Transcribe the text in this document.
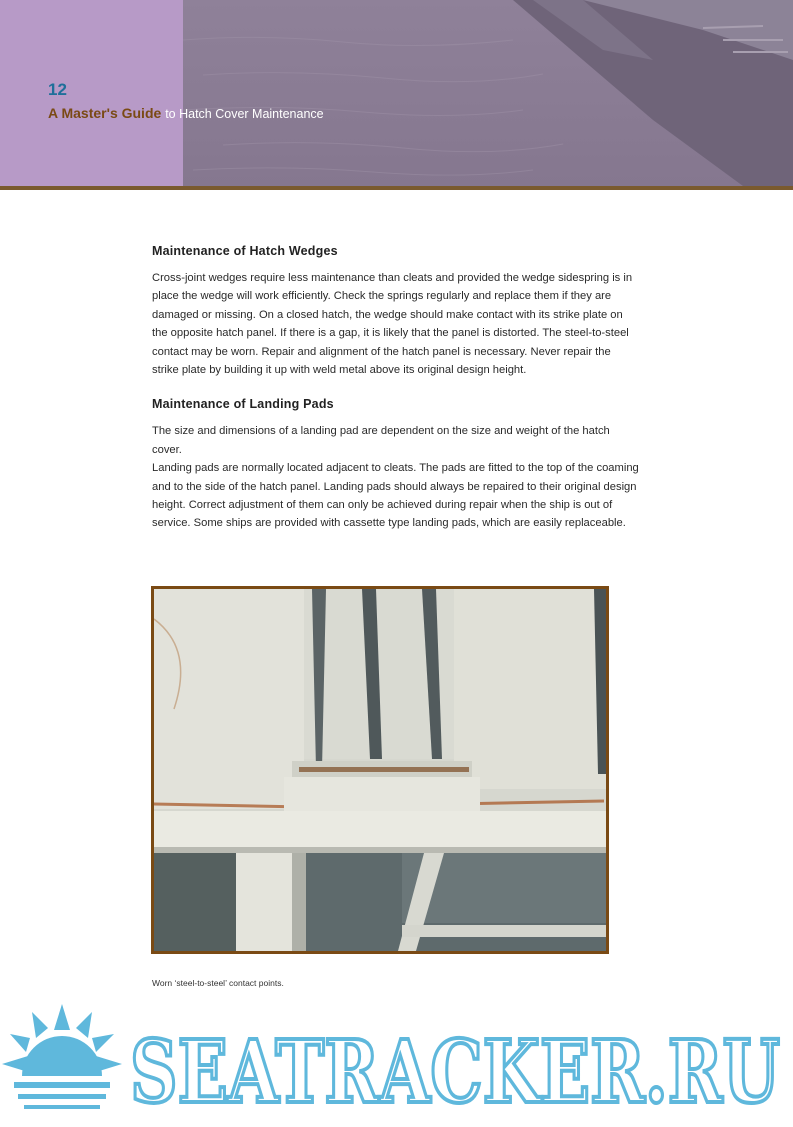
12

A Master's Guide to Hatch Cover Maintenance

Maintenance of Hatch Wedges

Cross-joint wedges require less maintenance than cleats and provided the wedge sidespring is in
place the wedge will work efficiently. Check the springs regularly and replace them if they are
damaged or missing. On a closed hatch, the wedge should make contact with its strike plate on
the opposite hatch panel. If there is a gap, it is likely that the panel is distorted. The steel-to-steel
contact may be worn. Repair and alignment of the hatch panel is necessary. Never repair the
strike plate by building it up with weld metal above its original design height.

Maintenance of Landing Pads

The size and dimensions of a landing pad are dependent on the size and weight of the hatch cover.
Landing pads are normally located adjacent to cleats. The pads are fitted to the top of the coaming
and to the side of the hatch panel. Landing pads should always be repaired to their original design
height. Correct adjustment of them can only be achieved during repair when the ship is out of
service. Some ships are provided with cassette type landing pads, which are easily replaceable.

Worn ‘steel-to-steel’ contact points.

SEATRACKER.RU
